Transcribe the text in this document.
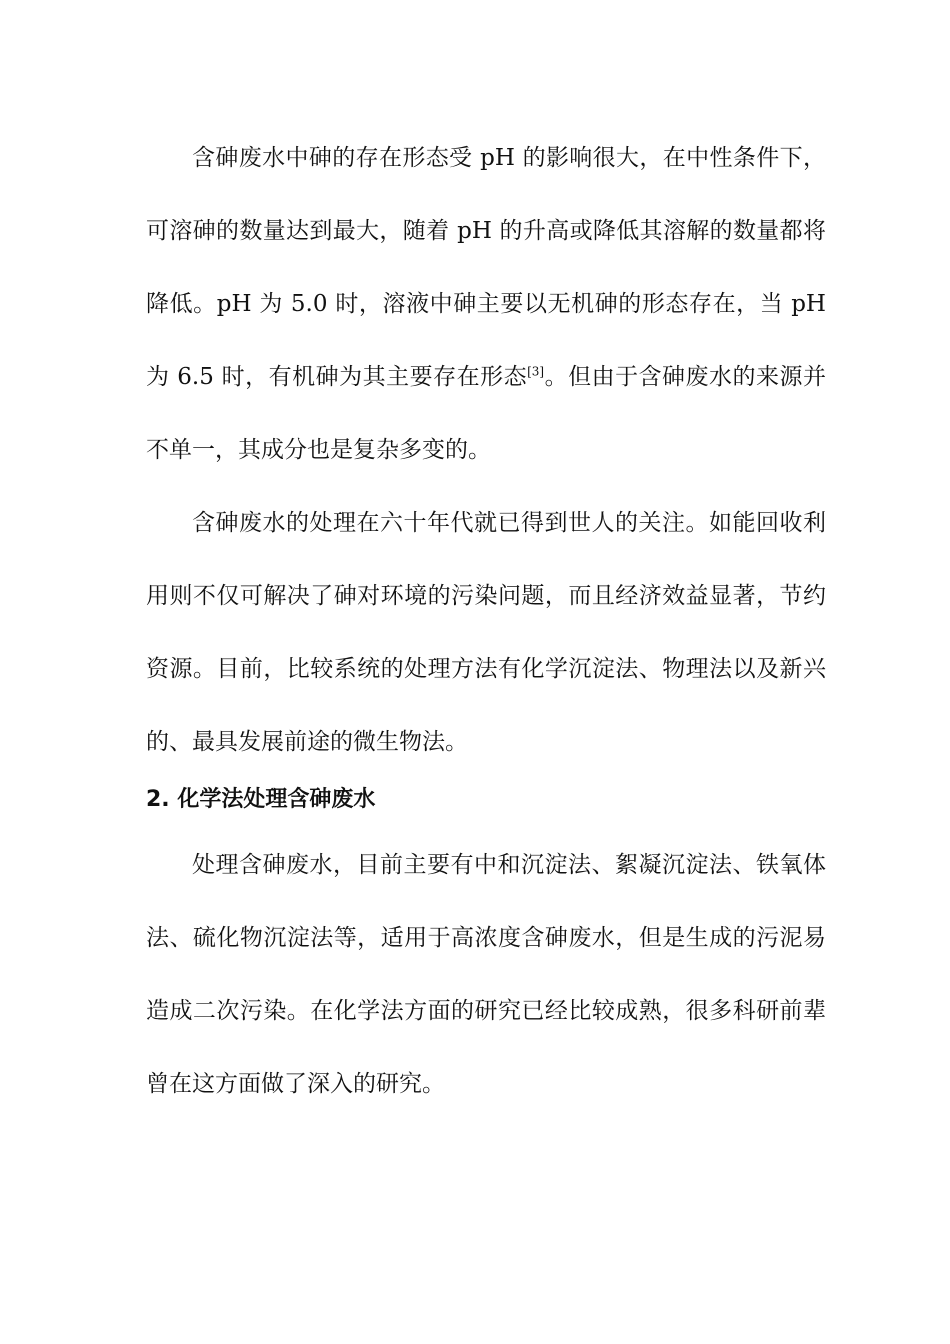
含砷废水中砷的存在形态受 pH 的影响很大，在中性条件下，可溶砷的数量达到最大，随着 pH 的升高或降低其溶解的数量都将降低。pH 为 5.0 时，溶液中砷主要以无机砷的形态存在，当 pH 为 6.5 时，有机砷为其主要存在形态[3]。但由于含砷废水的来源并不单一，其成分也是复杂多变的。

含砷废水的处理在六十年代就已得到世人的关注。如能回收利用则不仅可解决了砷对环境的污染问题，而且经济效益显著，节约资源。目前，比较系统的处理方法有化学沉淀法、物理法以及新兴的、最具发展前途的微生物法。

2. 化学法处理含砷废水

处理含砷废水，目前主要有中和沉淀法、絮凝沉淀法、铁氧体法、硫化物沉淀法等，适用于高浓度含砷废水，但是生成的污泥易造成二次污染。在化学法方面的研究已经比较成熟，很多科研前辈曾在这方面做了深入的研究。
